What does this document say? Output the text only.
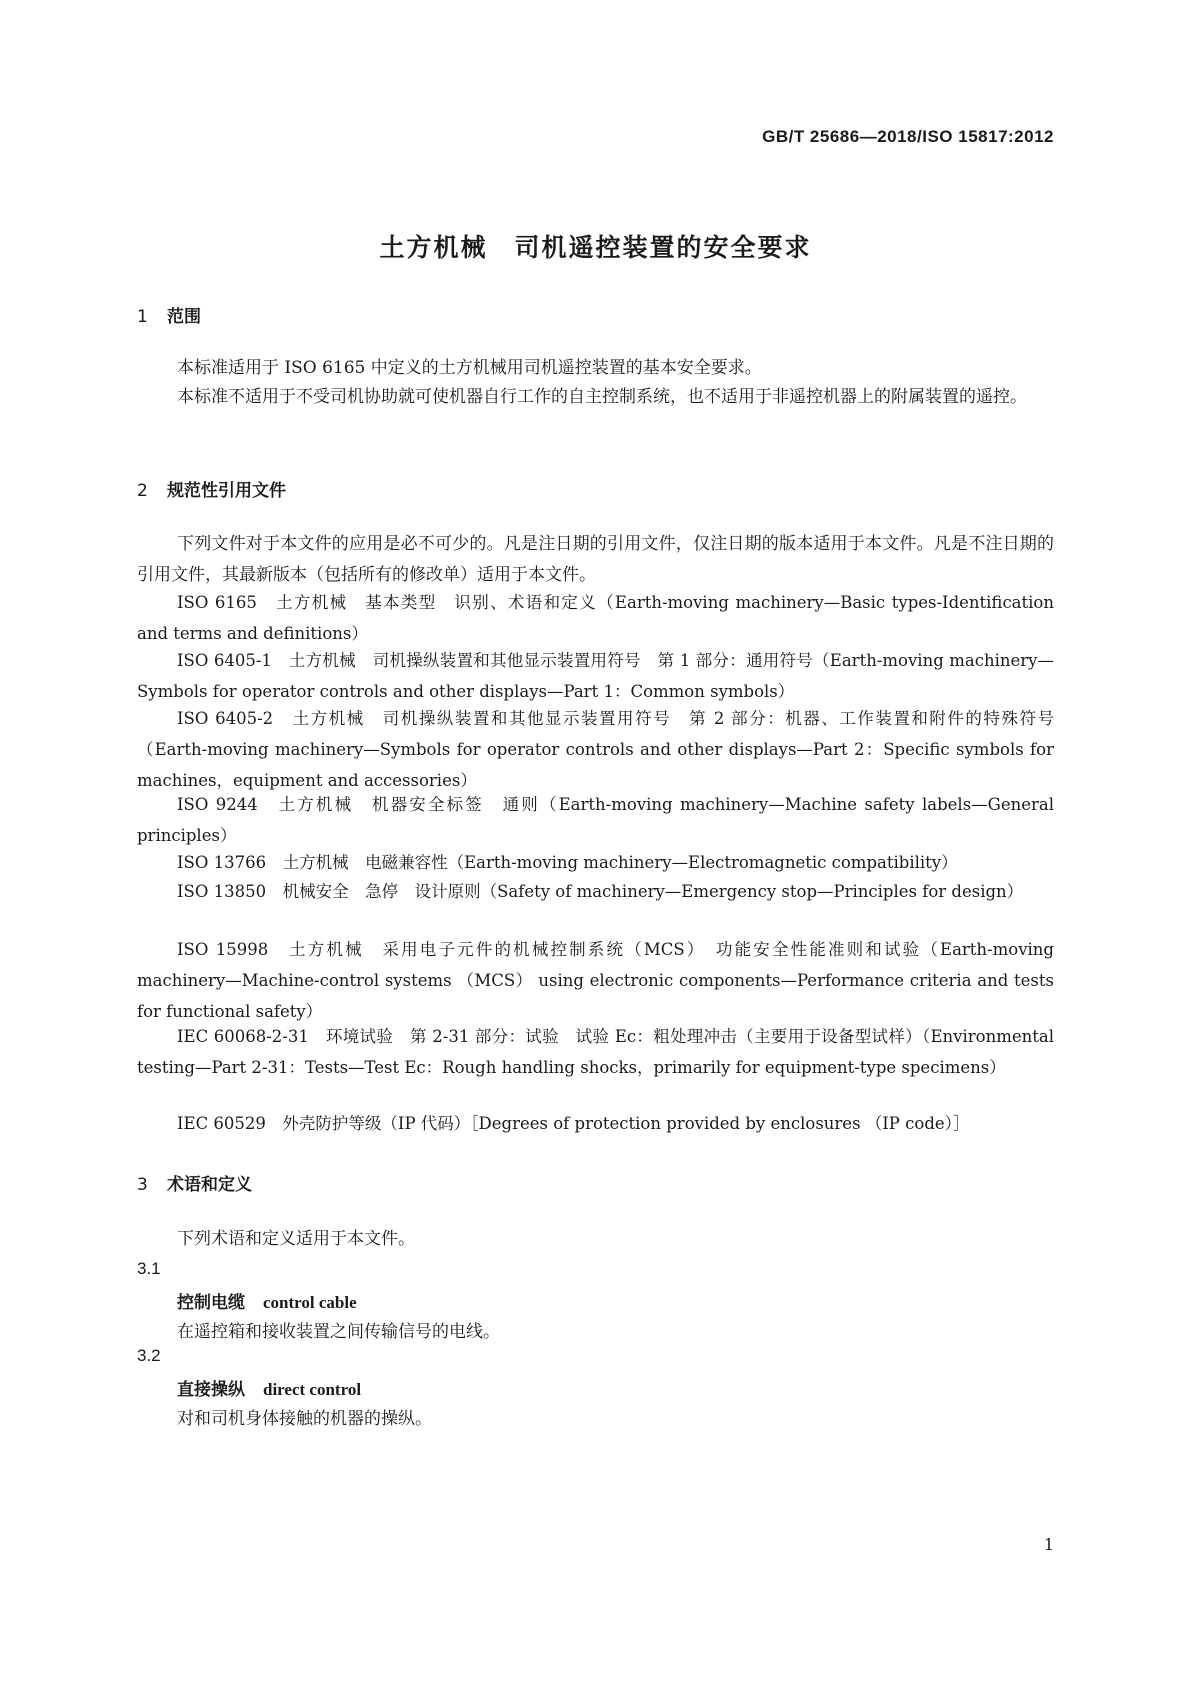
GB/T 25686—2018/ISO 15817:2012
土方机械　司机遥控装置的安全要求
1 范围
本标准适用于 ISO 6165 中定义的土方机械用司机遥控装置的基本安全要求。
本标准不适用于不受司机协助就可使机器自行工作的自主控制系统，也不适用于非遥控机器上的附属装置的遥控。
2 规范性引用文件
下列文件对于本文件的应用是必不可少的。凡是注日期的引用文件，仅注日期的版本适用于本文件。凡是不注日期的引用文件，其最新版本（包括所有的修改单）适用于本文件。
ISO 6165　土方机械　基本类型　识别、术语和定义（Earth-moving machinery—Basic types-Identification and terms and definitions）
ISO 6405-1　土方机械　司机操纵装置和其他显示装置用符号　第 1 部分：通用符号（Earth-moving machinery—Symbols for operator controls and other displays—Part 1：Common symbols）
ISO 6405-2　土方机械　司机操纵装置和其他显示装置用符号　第 2 部分：机器、工作装置和附件的特殊符号（Earth-moving machinery—Symbols for operator controls and other displays—Part 2：Specific symbols for machines，equipment and accessories）
ISO 9244　土方机械　机器安全标签　通则（Earth-moving machinery—Machine safety labels—General principles）
ISO 13766　土方机械　电磁兼容性（Earth-moving machinery—Electromagnetic compatibility）
ISO 13850　机械安全　急停　设计原则（Safety of machinery—Emergency stop—Principles for design）
ISO 15998　土方机械　采用电子元件的机械控制系统（MCS）　功能安全性能准则和试验（Earth-moving machinery—Machine-control systems （MCS） using electronic components—Performance criteria and tests for functional safety）
IEC 60068-2-31　环境试验　第 2-31 部分：试验　试验 Ec：粗处理冲击（主要用于设备型试样）（Environmental testing—Part 2-31：Tests—Test Ec：Rough handling shocks，primarily for equipment-type specimens）
IEC 60529　外壳防护等级（IP 代码）［Degrees of protection provided by enclosures （IP code）］
3 术语和定义
下列术语和定义适用于本文件。
3.1
控制电缆 control cable
在遥控箱和接收装置之间传输信号的电线。
3.2
直接操纵 direct control
对和司机身体接触的机器的操纵。
1
